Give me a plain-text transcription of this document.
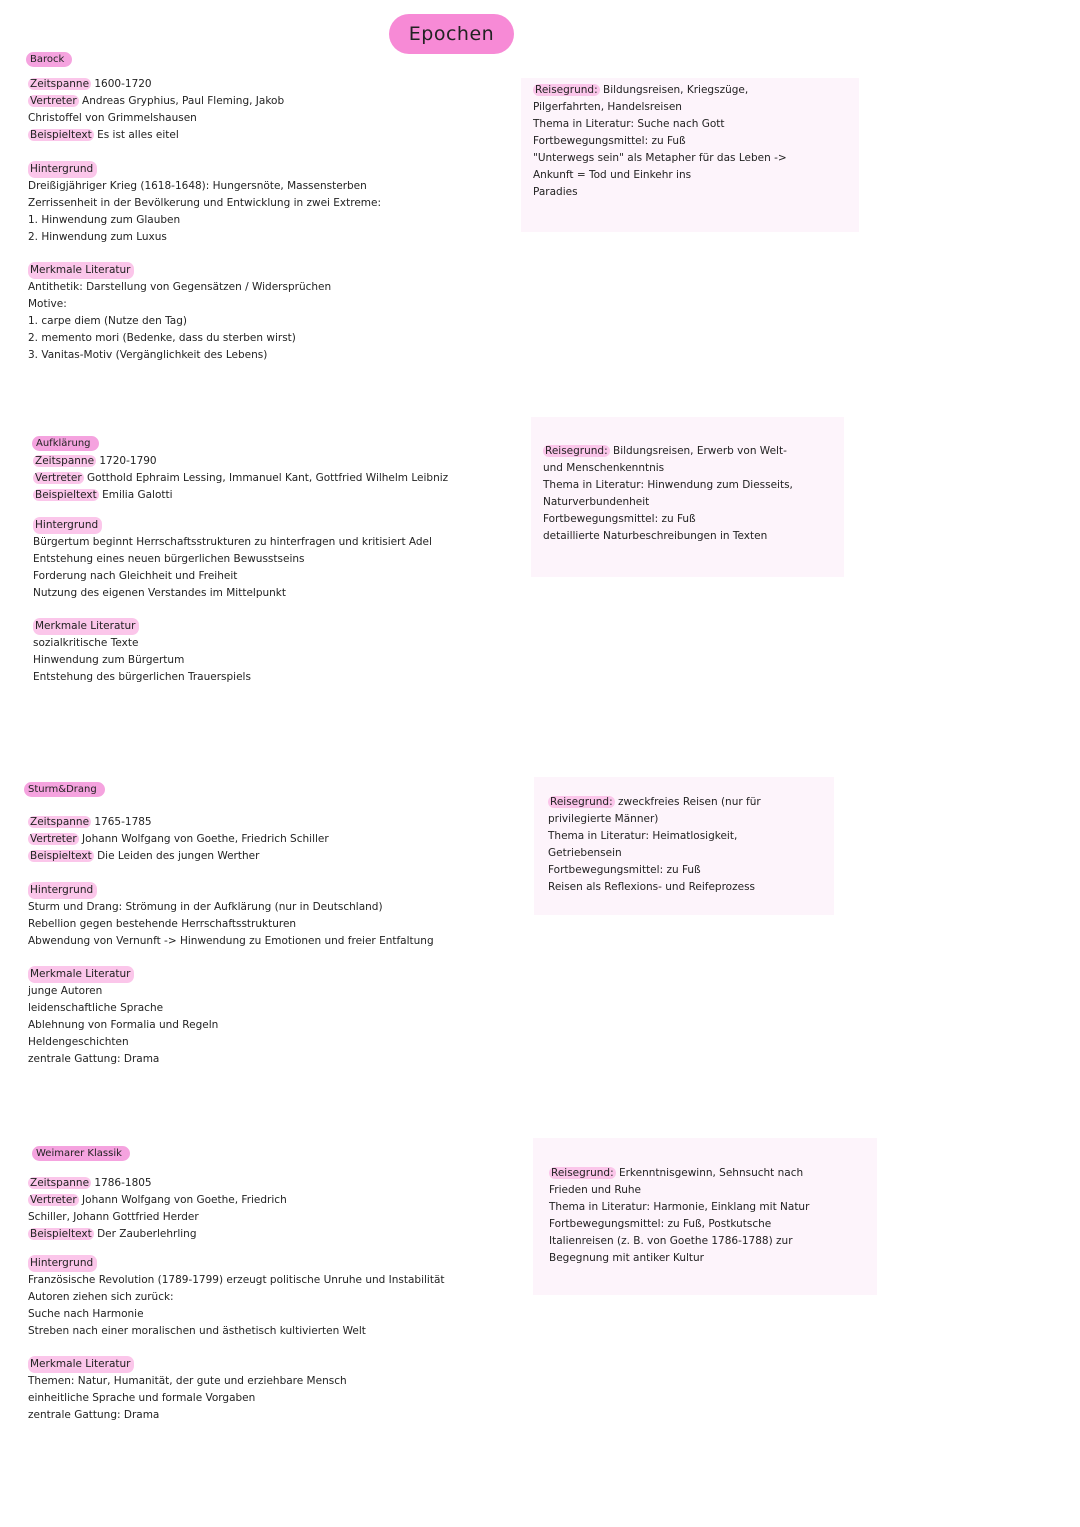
Epochen
Barock
Zeitspanne 1600-1720
Vertreter Andreas Gryphius, Paul Fleming, Jakob
Christoffel von Grimmelshausen
Beispieltext Es ist alles eitel
Hintergrund
Dreißigjähriger Krieg (1618-1648): Hungersnöte, Massensterben
Zerrissenheit in der Bevölkerung und Entwicklung in zwei Extreme:
1. Hinwendung zum Glauben
2. Hinwendung zum Luxus
Merkmale Literatur
Antithetik: Darstellung von Gegensätzen / Widersprüchen
Motive:
1. carpe diem (Nutze den Tag)
2. memento mori (Bedenke, dass du sterben wirst)
3. Vanitas-Motiv (Vergänglichkeit des Lebens)
Reisegrund: Bildungsreisen, Kriegszüge,
Pilgerfahrten, Handelsreisen
Thema in Literatur: Suche nach Gott
Fortbewegungsmittel: zu Fuß
"Unterwegs sein" als Metapher für das Leben ->
Ankunft = Tod und Einkehr ins
Paradies
Aufklärung
Zeitspanne 1720-1790
Vertreter Gotthold Ephraim Lessing, Immanuel Kant, Gottfried Wilhelm Leibniz
Beispieltext Emilia Galotti
Hintergrund
Bürgertum beginnt Herrschaftsstrukturen zu hinterfragen und kritisiert Adel
Entstehung eines neuen bürgerlichen Bewusstseins
Forderung nach Gleichheit und Freiheit
Nutzung des eigenen Verstandes im Mittelpunkt
Merkmale Literatur
sozialkritische Texte
Hinwendung zum Bürgertum
Entstehung des bürgerlichen Trauerspiels
Reisegrund: Bildungsreisen, Erwerb von Welt-
und Menschenkenntnis
Thema in Literatur: Hinwendung zum Diesseits,
Naturverbundenheit
Fortbewegungsmittel: zu Fuß
detaillierte Naturbeschreibungen in Texten
Sturm&Drang
Zeitspanne 1765-1785
Vertreter Johann Wolfgang von Goethe, Friedrich Schiller
Beispieltext Die Leiden des jungen Werther
Hintergrund
Sturm und Drang: Strömung in der Aufklärung (nur in Deutschland)
Rebellion gegen bestehende Herrschaftsstrukturen
Abwendung von Vernunft -> Hinwendung zu Emotionen und freier Entfaltung
Merkmale Literatur
junge Autoren
leidenschaftliche Sprache
Ablehnung von Formalia und Regeln
Heldengeschichten
zentrale Gattung: Drama
Reisegrund: zweckfreies Reisen (nur für
privilegierte Männer)
Thema in Literatur: Heimatlosigkeit,
Getriebensein
Fortbewegungsmittel: zu Fuß
Reisen als Reflexions- und Reifeprozess
Weimarer Klassik
Zeitspanne 1786-1805
Vertreter Johann Wolfgang von Goethe, Friedrich
Schiller, Johann Gottfried Herder
Beispieltext Der Zauberlehrling
Hintergrund
Französische Revolution (1789-1799) erzeugt politische Unruhe und Instabilität
Autoren ziehen sich zurück:
Suche nach Harmonie
Streben nach einer moralischen und ästhetisch kultivierten Welt
Merkmale Literatur
Themen: Natur, Humanität, der gute und erziehbare Mensch
einheitliche Sprache und formale Vorgaben
zentrale Gattung: Drama
Reisegrund: Erkenntnisgewinn, Sehnsucht nach
Frieden und Ruhe
Thema in Literatur: Harmonie, Einklang mit Natur
Fortbewegungsmittel: zu Fuß, Postkutsche
Italienreisen (z. B. von Goethe 1786-1788) zur
Begegnung mit antiker Kultur
